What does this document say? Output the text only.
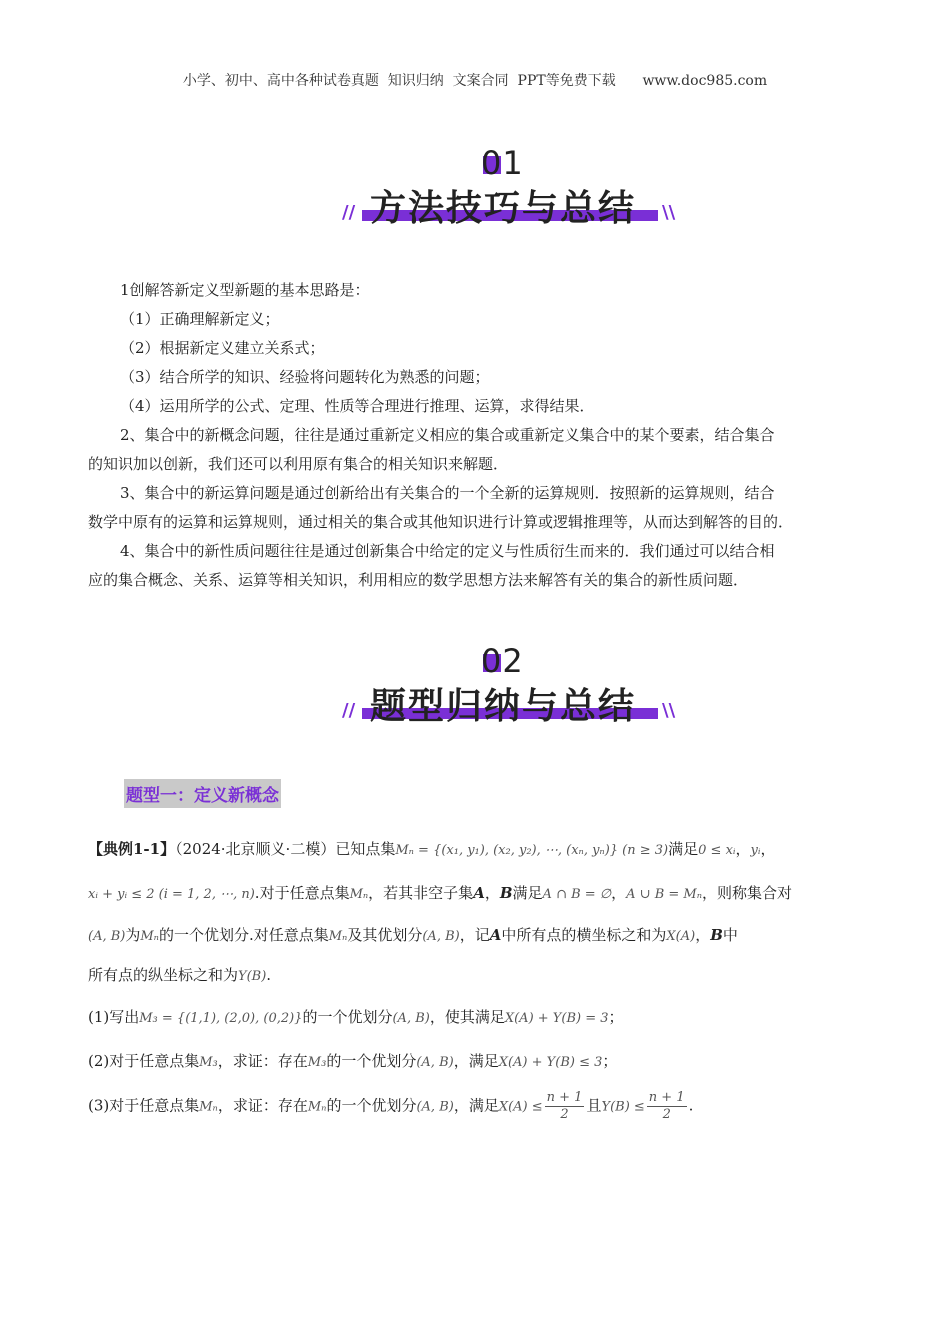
小学、初中、高中各种试卷真题  知识归纳  文案合同  PPT等免费下载      www.doc985.com
01
方法技巧与总结
//	\\
1创解答新定义型新题的基本思路是：
（1）正确理解新定义；
（2）根据新定义建立关系式；
（3）结合所学的知识、经验将问题转化为熟悉的问题；
（4）运用所学的公式、定理、性质等合理进行推理、运算，求得结果．
2、集合中的新概念问题，往往是通过重新定义相应的集合或重新定义集合中的某个要素，结合集合
的知识加以创新，我们还可以利用原有集合的相关知识来解题．
3、集合中的新运算问题是通过创新给出有关集合的一个全新的运算规则．按照新的运算规则，结合
数学中原有的运算和运算规则，通过相关的集合或其他知识进行计算或逻辑推理等，从而达到解答的目的．
4、集合中的新性质问题往往是通过创新集合中给定的定义与性质衍生而来的．我们通过可以结合相
应的集合概念、关系、运算等相关知识，利用相应的数学思想方法来解答有关的集合的新性质问题．
02
题型归纳与总结
//	\\
题型一：定义新概念
【典例1-1】（2024·北京顺义·二模）已知点集Mₙ = {(x₁, y₁), (x₂, y₂), ⋯, (xₙ, yₙ)} (n ≥ 3)满足0 ≤ xᵢ，yᵢ，
xᵢ + yᵢ ≤ 2 (i = 1, 2, ⋯, n).对于任意点集Mₙ，若其非空子集A，B满足A ∩ B = ∅，A ∪ B = Mₙ，则称集合对
(A, B)为Mₙ的一个优划分.对任意点集Mₙ及其优划分(A, B)，记A中所有点的横坐标之和为X(A)，B中
所有点的纵坐标之和为Y(B).
(1)写出M₃ = {(1,1), (2,0), (0,2)}的一个优划分(A, B)，使其满足X(A) + Y(B) = 3；
(2)对于任意点集M₃，求证：存在M₃的一个优划分(A, B)，满足X(A) + Y(B) ≤ 3；
(3)对于任意点集Mₙ，求证：存在Mₙ的一个优划分(A, B)，满足$X(A) \le \frac{n + 1}{2}$ 且$Y(B) \le \frac{n + 1}{2}$ .
